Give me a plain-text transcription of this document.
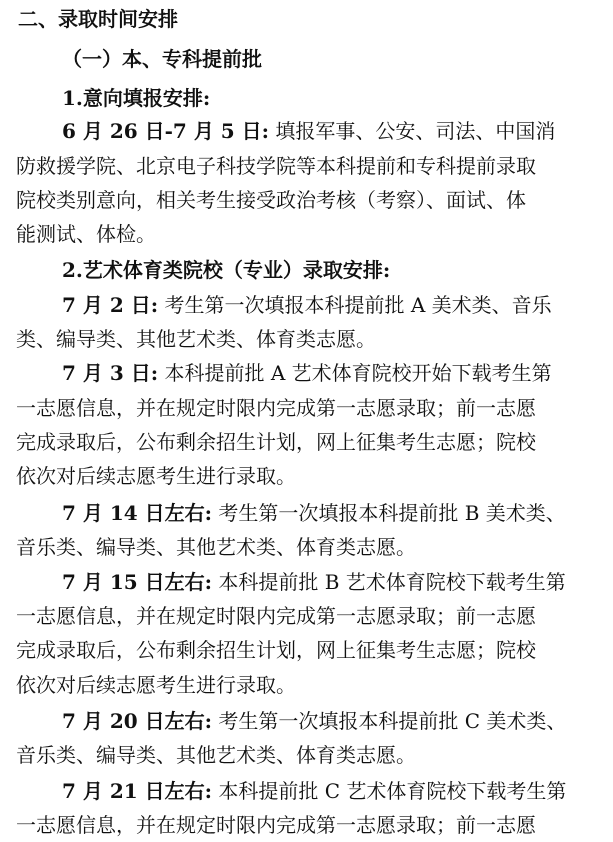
二、录取时间安排
（一）本、专科提前批
1.意向填报安排:
6 月 26 日-7 月 5 日: 填报军事、公安、司法、中国消
防救援学院、北京电子科技学院等本科提前和专科提前录取
院校类别意向，相关考生接受政治考核（考察）、面试、体
能测试、体检。
2.艺术体育类院校（专业）录取安排:
7 月 2 日: 考生第一次填报本科提前批 A 美术类、音乐
类、编导类、其他艺术类、体育类志愿。
7 月 3 日: 本科提前批 A 艺术体育院校开始下载考生第
一志愿信息，并在规定时限内完成第一志愿录取；前一志愿
完成录取后，公布剩余招生计划，网上征集考生志愿；院校
依次对后续志愿考生进行录取。
7 月 14 日左右: 考生第一次填报本科提前批 B 美术类、
音乐类、编导类、其他艺术类、体育类志愿。
7 月 15 日左右: 本科提前批 B 艺术体育院校下载考生第
一志愿信息，并在规定时限内完成第一志愿录取；前一志愿
完成录取后，公布剩余招生计划，网上征集考生志愿；院校
依次对后续志愿考生进行录取。
7 月 20 日左右: 考生第一次填报本科提前批 C 美术类、
音乐类、编导类、其他艺术类、体育类志愿。
7 月 21 日左右: 本科提前批 C 艺术体育院校下载考生第
一志愿信息，并在规定时限内完成第一志愿录取；前一志愿
